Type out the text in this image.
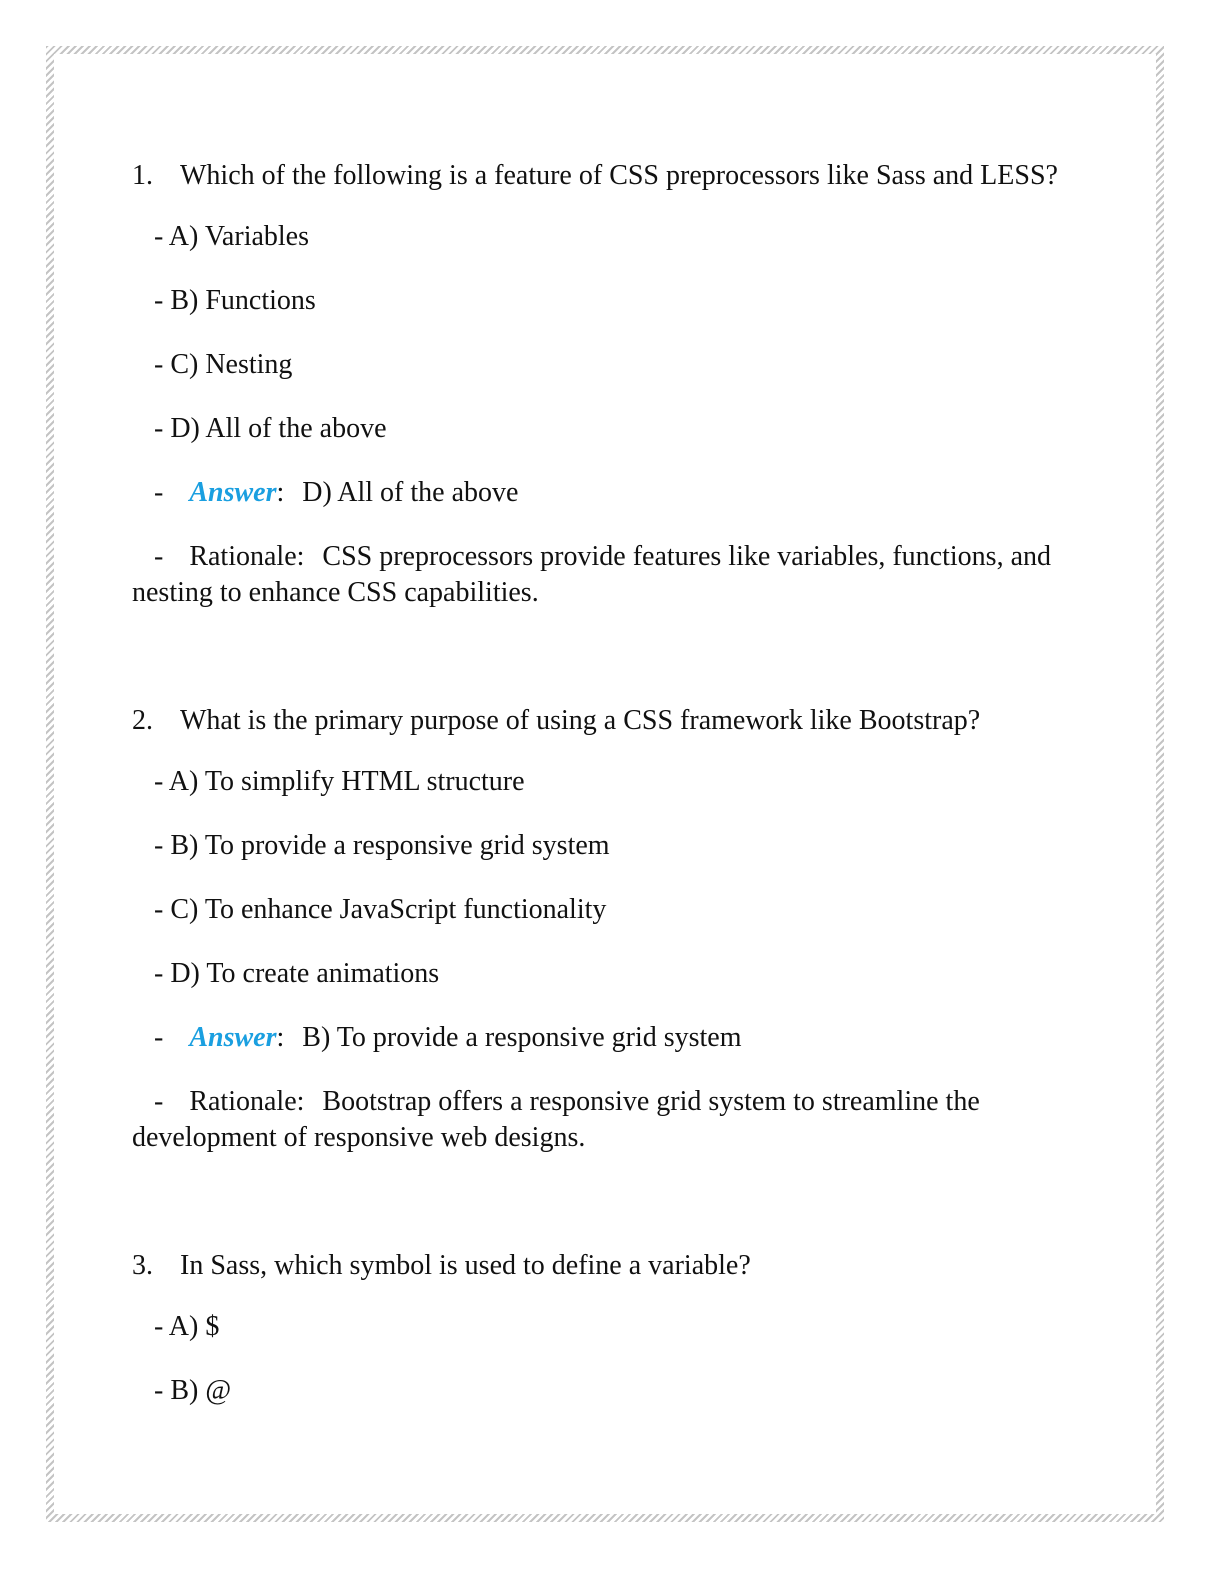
1. Which of the following is a feature of CSS preprocessors like Sass and LESS?

- A) Variables

- B) Functions

- C) Nesting

- D) All of the above

- Answer: D) All of the above

- Rationale: CSS preprocessors provide features like variables, functions, and nesting to enhance CSS capabilities.

2. What is the primary purpose of using a CSS framework like Bootstrap?

- A) To simplify HTML structure

- B) To provide a responsive grid system

- C) To enhance JavaScript functionality

- D) To create animations

- Answer: B) To provide a responsive grid system

- Rationale: Bootstrap offers a responsive grid system to streamline the development of responsive web designs.

3. In Sass, which symbol is used to define a variable?

- A) $

- B) @
